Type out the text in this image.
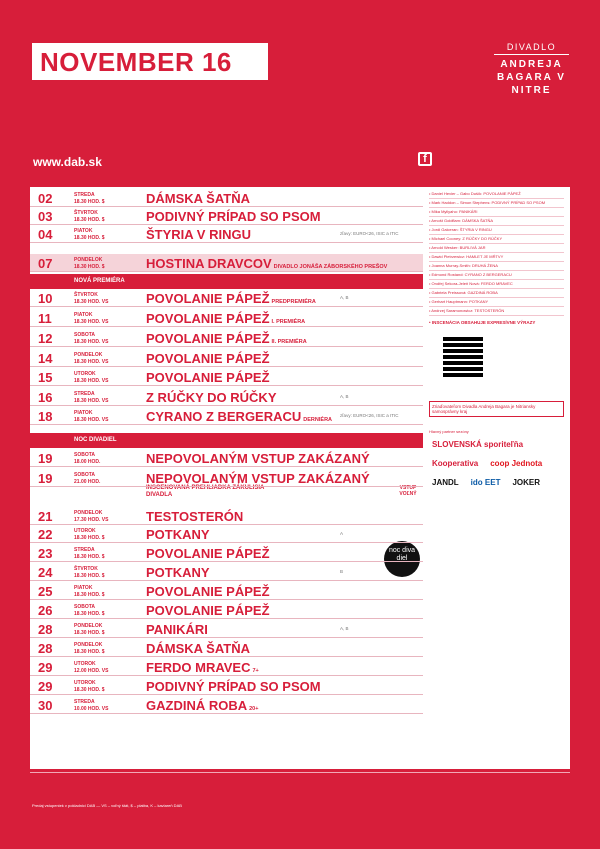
NOVEMBER 16	DIVADLO
ANDREJA BAGARA V NITRE
www.dab.sk	f
NOVÁ PREMIÉRA
NOC DIVADIEL
noc diva diel
INSCENOVANÁ PREHLIADKA ZÁKULISIA DIVADLA
VSTUP VOĽNÝ
02	STREDA
18.30 HOD. $	DÁMSKA ŠATŇA
03	ŠTVRTOK
18.30 HOD. $	PODIVNÝ PRÍPAD SO PSOM
04	PIATOK
18.30 HOD. $	ŠTYRIA V RINGU	zľavy: EURO<26, ISIC a ITIC
07	PONDELOK
18.30 HOD. $	HOSTINA DRAVCOV DIVADLO JONÁŠA ZÁBORSKÉHO PREŠOV
10	ŠTVRTOK
18.30 HOD. VS	POVOLANIE PÁPEŽ PREDPREMIÉRA
A, B
11	PIATOK
18.30 HOD. VS	POVOLANIE PÁPEŽ I. PREMIÉRA
12	SOBOTA
18.30 HOD. VS	POVOLANIE PÁPEŽ II. PREMIÉRA
14	PONDELOK
18.30 HOD. VS	POVOLANIE PÁPEŽ
15	UTOROK
18.30 HOD. VS	POVOLANIE PÁPEŽ
16	STREDA
18.30 HOD. VS	Z RÚČKY DO RÚČKY	A, B
18	PIATOK
18.30 HOD. VS	CYRANO Z BERGERACU DERNIÉRA
zľavy: EURO<26, ISIC a ITIC
19	SOBOTA
18.00 HOD.	NEPOVOLANÝM VSTUP ZAKÁZANÝ
19	SOBOTA
21.00 HOD.	NEPOVOLANÝM VSTUP ZAKÁZANÝ
21	PONDELOK
17.30 HOD. VS	TESTOSTERÓN
22	UTOROK
18.30 HOD. $	POTKANY	A
23	STREDA
18.30 HOD. $	POVOLANIE PÁPEŽ
24	ŠTVRTOK
18.30 HOD. $	POTKANY	B
25	PIATOK
18.30 HOD. $	POVOLANIE PÁPEŽ
26	SOBOTA
18.30 HOD. $	POVOLANIE PÁPEŽ
28	PONDELOK
18.30 HOD. $	PANIKÁRI	A, B
28	PONDELOK
18.30 HOD. $	DÁMSKA ŠATŇA
29	UTOROK
12.00 HOD. VS	FERDO MRAVEC 7+
29	UTOROK
18.30 HOD. $	PODIVNÝ PRÍPAD SO PSOM
30	STREDA
10.00 HOD. VS	GAZDINÁ ROBA 20+
• Daniel Hevier – Gabo Dušík: POVOLANIE PÁPEŽ
• Mark Haddon – Simon Stephens: PODIVNÝ PRÍPAD SO PSOM
• Mika Myllyaho: PANIKÁRI
• Arnošt Goldflam: DÁMSKA ŠATŇA
• Jordi Galceran: ŠTYRIA V RINGU
• Michael Cooney: Z RÚČKY DO RÚČKY
• Arnold Wesker: BURLIVÁ JAR
• Dawid Pietrzewicz: HAMLET JE MŔTVY
• Joanna Murray-Smith: DRUHÁ ŽENA
• Edmond Rostand: CYRANO Z BERGERACU
• Ondřej Sekora-Jeleň Nová: FERDO MRAVEC
• Gabriela Preissová: GAZDINÁ ROBA
• Gerhart Hauptmann: POTKANY
• Andrzej Saramonowicz: TESTOSTERÓN
• INSCENÁCIA OBSAHUJE EXPRESÍVNE VÝRAZY
Zriaďovateľom Divadla Andreja Bagara je Nitriansky samosprávny kraj
Hlavný partner sezóny
SLOVENSKÁ sporiteľňa
Kooperativa	coop Jednota
JANDL	ido EET	JOKER
Predaj vstupeniek v pokladnici DAB — VS – voľný štát, $ – platba, K – kaviareň DAB
